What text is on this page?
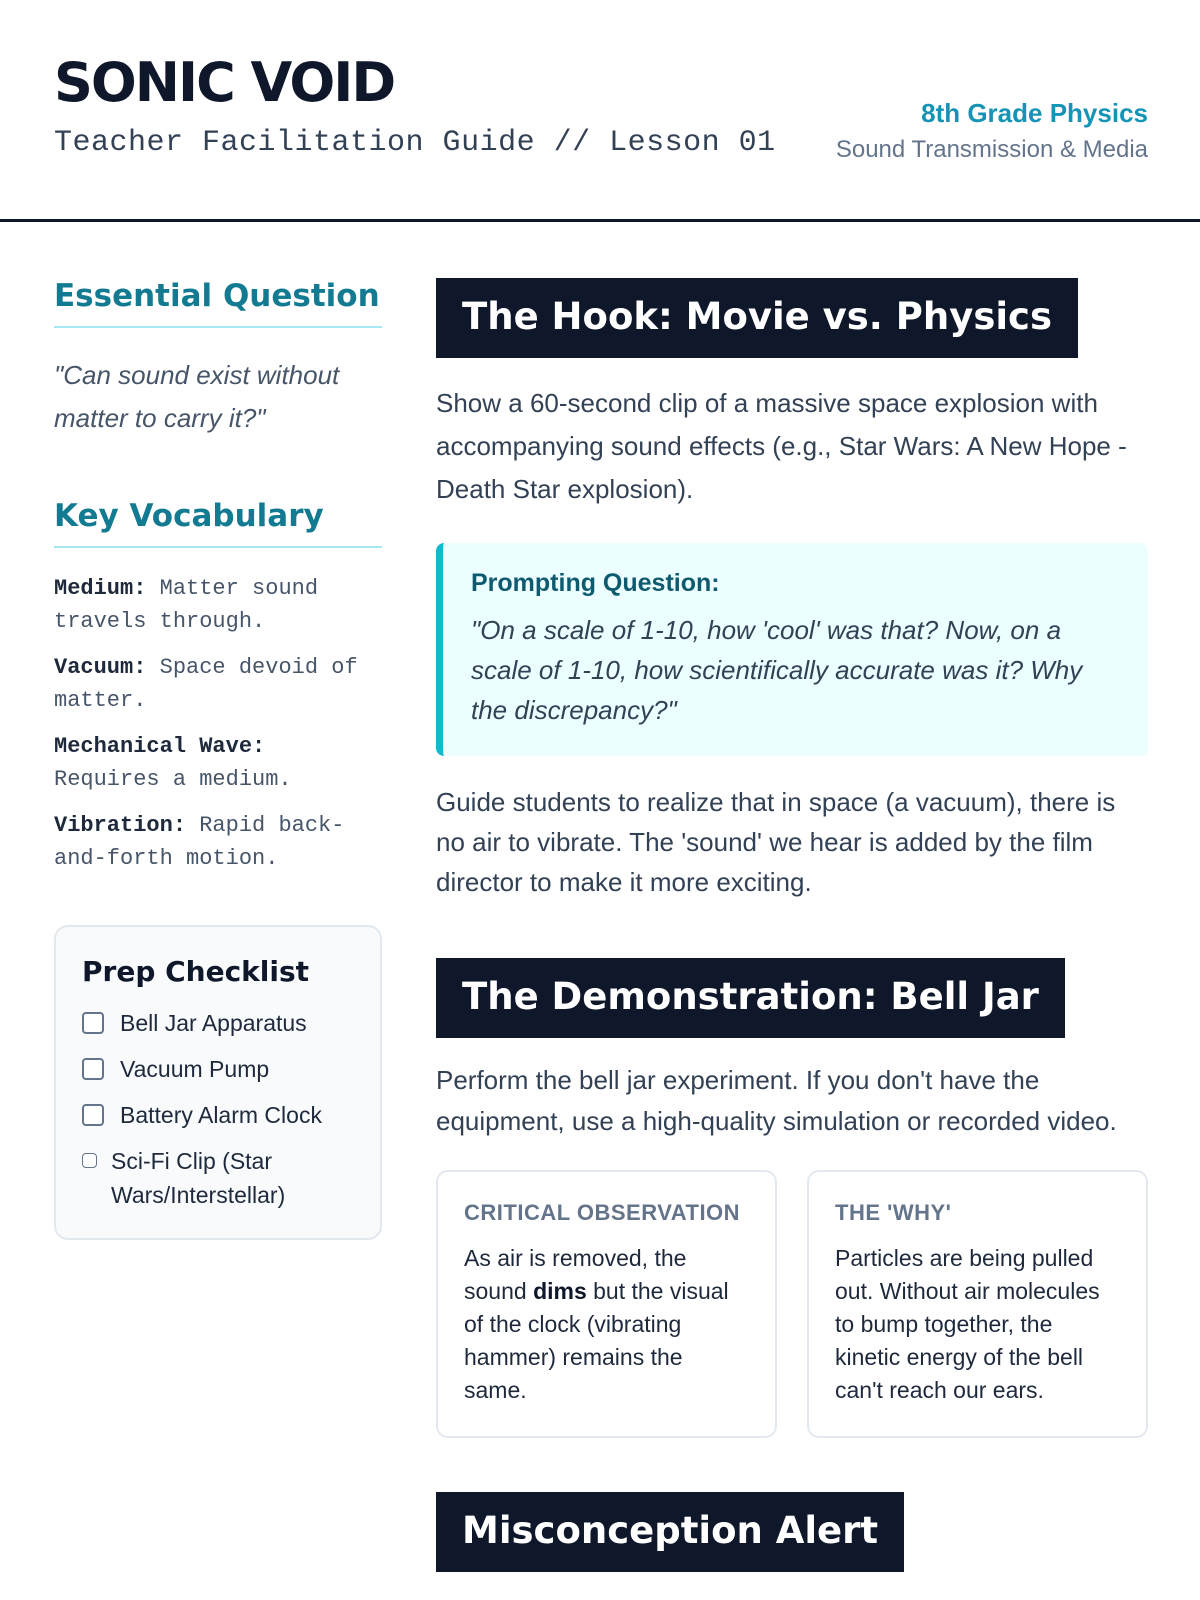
SONIC VOID
Teacher Facilitation Guide // Lesson 01
8th Grade Physics
Sound Transmission & Media
Essential Question
"Can sound exist without matter to carry it?"
Key Vocabulary
Medium: Matter sound travels through.
Vacuum: Space devoid of matter.
Mechanical Wave: Requires a medium.
Vibration: Rapid back-and-forth motion.
Prep Checklist
Bell Jar Apparatus
Vacuum Pump
Battery Alarm Clock
Sci-Fi Clip (Star Wars/Interstellar)
The Hook: Movie vs. Physics

Show a 60-second clip of a massive space explosion with accompanying sound effects (e.g., Star Wars: A New Hope - Death Star explosion).

Prompting Question:
"On a scale of 1-10, how 'cool' was that? Now, on a scale of 1-10, how scientifically accurate was it? Why the discrepancy?"

Guide students to realize that in space (a vacuum), there is no air to vibrate. The 'sound' we hear is added by the film director to make it more exciting.

The Demonstration: Bell Jar

Perform the bell jar experiment. If you don't have the equipment, use a high-quality simulation or recorded video.

CRITICAL OBSERVATION
As air is removed, the sound dims but the visual of the clock (vibrating hammer) remains the same.
THE 'WHY'
Particles are being pulled out. Without air molecules to bump together, the kinetic energy of the bell can't reach our ears.
Misconception Alert
